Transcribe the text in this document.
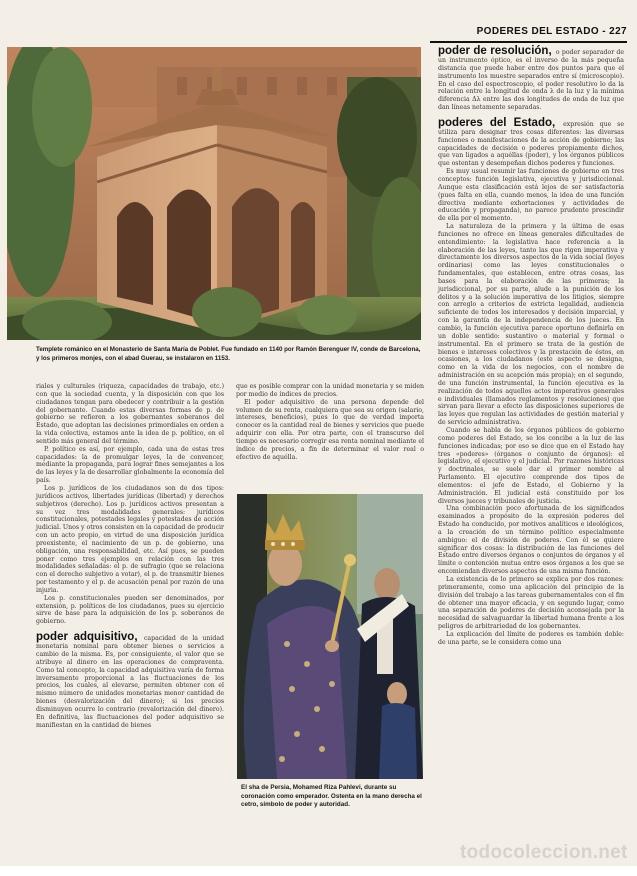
PODERES DEL ESTADO - 227
Templete románico en el Monasterio de Santa María de Poblet. Fue fundado en 1140 por Ramón Berenguer IV, conde de Barcelona, y los primeros monjes, con el abad Guerau, se instalaron en 1153.

riales y culturales (riqueza, capacidades de trabajo, etc.) con que la sociedad cuenta, y la disposición con que los ciudadanos tengan para obedecer y contribuir a la gestión del gobernante. Cuando estas diversas formas de p. de gobierno se refieren a los gobernantes soberanos del Estado, que adoptan las decisiones primordiales en orden a la vida colectiva, estamos ante la idea de p. político, en el sentido más general del término.

P. político es así, por ejemplo, cada una de estas tres capacidades: la de promulgar leyes, la de convencer, mediante la propaganda, para lograr fines semejantes a los de las leyes y la de desarrollar globalmente la economía del país.

Los p. jurídicos de los ciudadanos son de dos tipos: jurídicos activos, libertades jurídicas (libertad) y derechos subjetivos (derecho). Los p. jurídicos activos presentan a su vez tres modalidades generales: jurídicos constitucionales, potestades legales y potestades de acción judicial. Unos y otros consisten en la capacidad de producir con un acto propio, en virtud de una disposición jurídica preexistente, el nacimiento de un p. de gobierno, una obligación, una responsabilidad, etc. Así pues, se pueden poner como tres ejemplos en relación con las tres modalidades señaladas: el p. de sufragio (que se relaciona con el derecho subjetivo a votar), el p. de transmitir bienes por testamento y el p. de acusación penal por razón de una injuria.

Los p. constitucionales pueden ser denominados, por extensión, p. políticos de los ciudadanos, pues su ejercicio sirve de base para la adquisición de los p. soberanos de gobierno.

poder adquisitivo, capacidad de la unidad monetaria nominal para obtener bienes o servicios a cambio de la misma. Es, por consiguiente, el valor que se atribuye al dinero en las operaciones de compraventa. Como tal concepto, la capacidad adquisitiva varía de forma inversamente proporcional a las fluctuaciones de los precios, los cuales, al elevarse, permiten obtener con el mismo número de unidades monetarias menor cantidad de bienes (desvalorización del dinero); si los precios disminuyen ocurre lo contrario (revalorización del dinero). En definitiva, las fluctuaciones del poder adquisitivo se manifiestan en la cantidad de bienes

que es posible comprar con la unidad monetaria y se miden por medio de índices de precios.

El poder adquisitivo de una persona depende del volumen de su renta, cualquiera que sea su origen (salario, intereses, beneficios), pues lo que de verdad importa conocer es la cantidad real de bienes y servicios que puede adquirir con ella. Por otra parte, con el transcurso del tiempo es necesario corregir esa renta nominal mediante el índice de precios, a fin de determinar el valor real o efectivo de aquélla.

El sha de Persia, Mohamed Riza Pahlevi, durante su coronación como emperador. Ostenta en la mano derecha el cetro, símbolo de poder y autoridad.

poder de resolución, o poder separador de un instrumento óptico, es el inverso de la más pequeña distancia que puede haber entre dos puntos para que el instrumento los muestre separados entre sí (microscopio). En el caso del espectroscopio, el poder resolutivo lo da la relación entre la longitud de onda λ de la luz y la mínima diferencia Δλ entre las dos longitudes de onda de luz que dan líneas netamente separadas.

poderes del Estado, expresión que se utiliza para designar tres cosas diferentes: las diversas funciones o manifestaciones de la acción de gobierno; las capacidades de decisión o poderes propiamente dichos, que van ligados a aquéllas (poder), y los órganos públicos que ostentan y desempeñan dichos poderes y funciones.

Es muy usual resumir las funciones de gobierno en tres conceptos: función legislativa, ejecutiva y jurisdiccional. Aunque esta clasificación está lejos de ser satisfactoria (pues falta en ella, cuando menos, la idea de una función directiva mediante exhortaciones y actividades de educación y propaganda), no parece prudente prescindir de ella por el momento.

La naturaleza de la primera y la última de esas funciones no ofrece en líneas generales dificultades de entendimiento: la legislativa hace referencia a la elaboración de las leyes, tanto las que rigen imperativa y directamente los diversos aspectos de la vida social (leyes ordinarias) como las leyes constitucionales o fundamentales, que establecen, entre otras cosas, las bases para la elaboración de las primeras; la jurisdiccional, por su parte, alude a la punición de los delitos y a la solución imperativa de los litigios, siempre con arreglo a criterios de estricta legalidad, audiencia suficiente de todos los interesados y decisión imparcial, y con la garantía de la independencia de los jueces. En cambio, la función ejecutiva parece oportuno definirla en un doble sentido: sustantivo o material y formal o instrumental. En el primero se trata de la gestión de bienes e intereses colectivos y la prestación de éstos, en ocasiones, a los ciudadanos (este aspecto se designa, como en la vida de los negocios, con el nombre de administración en su acepción más propia); en el segundo, de una función instrumental, la función ejecutiva es la realización de todos aquellos actos imperativos generales e individuales (llamados reglamentos y resoluciones) que sirvan para llevar a efecto las disposiciones superiores de las leyes que regulan las actividades de gestión material y de servicio administrativa.

Cuando se habla de los órganos públicos de gobierno como poderes del Estado, se los concibe a la luz de las funciones indicadas; por eso se dice que en el Estado hay tres «poderes» (órganos o conjunto de órganos): el legislativo, el ejecutivo y el judicial. Por razones históricas y doctrinales, se suele dar el primer nombre al Parlamento. El ejecutivo comprende dos tipos de elementos: el jefe de Estado, el Gobierno y la Administración. El judicial está constituido por los diversos jueces y tribunales de justicia.

Una combinación poco afortunada de los significados examinados a propósito de la expresión poderes del Estado ha conducido, por motivos analíticos e ideológicos, a la creación de un término político especialmente ambiguo: el de división de poderes. Con él se quiere significar dos cosas: la distribución de las funciones del Estado entre diversos órganos o conjuntos de órganos y el límite o contención mutua entre esos órganos a los que se encomiendan diversos aspectos de una misma función.

La existencia de lo primero se explica por dos razones: primeramente, como una aplicación del principio de la división del trabajo a las tareas gubernamentales con el fin de obtener una mayor eficacia, y en segundo lugar, como una separación de poderes de decisión aconsejada por la necesidad de salvaguardar la libertad humana frente a los peligros de arbitrariedad de los gobernantes.

La explicación del límite de poderes es también doble: de una parte, se le considera como una

todocoleccion.net
